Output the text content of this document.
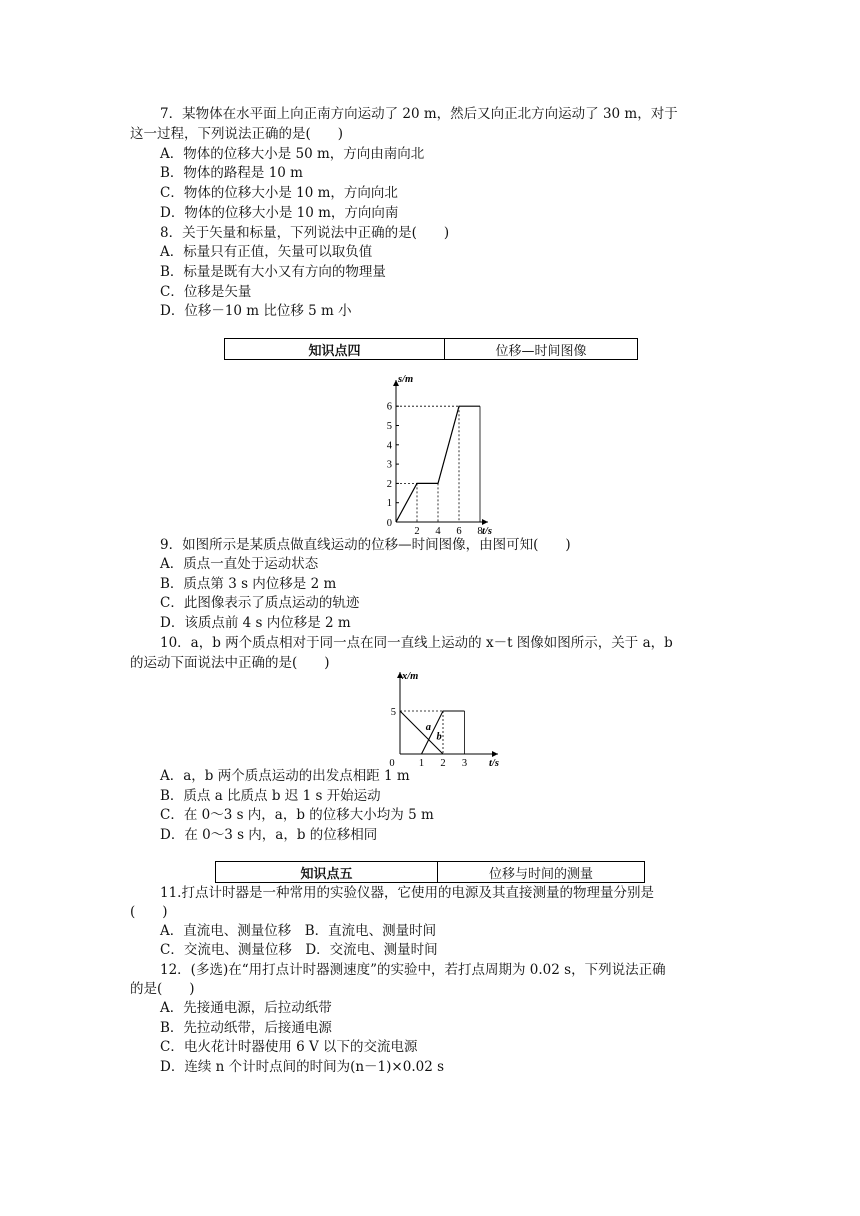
7．某物体在水平面上向正南方向运动了 20 m，然后又向正北方向运动了 30 m，对于
这一过程，下列说法正确的是(　　)
A．物体的位移大小是 50 m，方向由南向北
B．物体的路程是 10 m
C．物体的位移大小是 10 m，方向向北
D．物体的位移大小是 10 m，方向向南
8．关于矢量和标量，下列说法中正确的是(　　)
A．标量只有正值，矢量可以取负值
B．标量是既有大小又有方向的物理量
C．位移是矢量
D．位移－10 m 比位移 5 m 小
知识点四	位移—时间图像
1
2
3
4
5
6
2 4 6 8
0
s/m
t/s
9．如图所示是某质点做直线运动的位移—时间图像，由图可知(　　)
A．质点一直处于运动状态
B．质点第 3 s 内位移是 2 m
C．此图像表示了质点运动的轨迹
D．该质点前 4 s 内位移是 2 m
10．a，b 两个质点相对于同一点在同一直线上运动的 x－t 图像如图所示，关于 a，b
的运动下面说法中正确的是(　　)
x/m
t/s
5
0 1 2 3
a
b
A．a，b 两个质点运动的出发点相距 1 m
B．质点 a 比质点 b 迟 1 s 开始运动
C．在 0～3 s 内，a，b 的位移大小均为 5 m
D．在 0～3 s 内，a，b 的位移相同
知识点五	位移与时间的测量
11.打点计时器是一种常用的实验仪器，它使用的电源及其直接测量的物理量分别是
(　　)
A．直流电、测量位移　B．直流电、测量时间
C．交流电、测量位移　D．交流电、测量时间
12．(多选)在“用打点计时器测速度”的实验中，若打点周期为 0.02 s，下列说法正确
的是(　　)
A．先接通电源，后拉动纸带
B．先拉动纸带，后接通电源
C．电火花计时器使用 6 V 以下的交流电源
D．连续 n 个计时点间的时间为(n－1)×0.02 s
